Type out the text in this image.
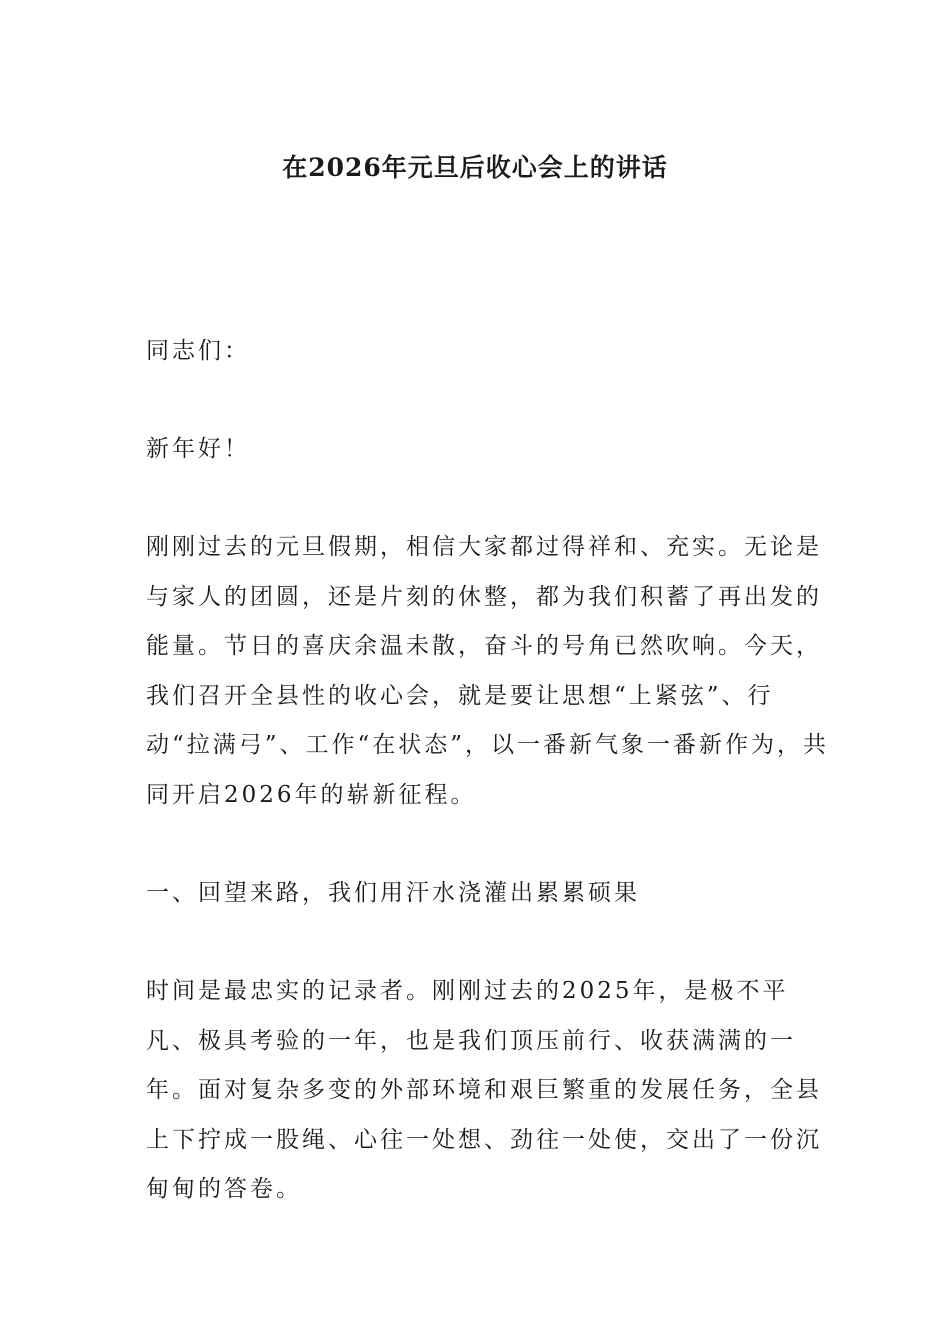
在2026年元旦后收心会上的讲话

同志们：

新年好！

刚刚过去的元旦假期，相信大家都过得祥和、充实。无论是与家人的团圆，还是片刻的休整，都为我们积蓄了再出发的能量。节日的喜庆余温未散，奋斗的号角已然吹响。今天，我们召开全县性的收心会，就是要让思想“上紧弦”、行动“拉满弓”、工作“在状态”，以一番新气象一番新作为，共同开启2026年的崭新征程。

一、回望来路，我们用汗水浇灌出累累硕果

时间是最忠实的记录者。刚刚过去的2025年，是极不平凡、极具考验的一年，也是我们顶压前行、收获满满的一年。面对复杂多变的外部环境和艰巨繁重的发展任务，全县上下拧成一股绳、心往一处想、劲往一处使，交出了一份沉甸甸的答卷。
